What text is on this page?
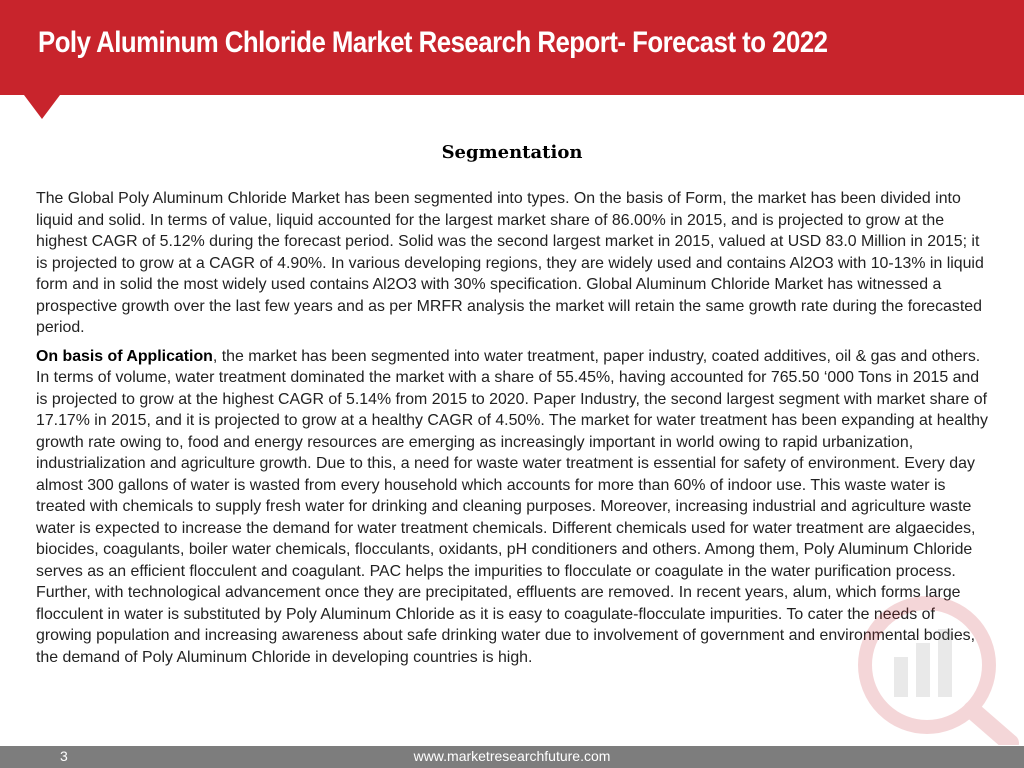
Poly Aluminum Chloride Market Research Report- Forecast to 2022
Segmentation

The Global Poly Aluminum Chloride Market has been segmented into types. On the basis of Form, the market has been divided into liquid and solid. In terms of value, liquid accounted for the largest market share of 86.00% in 2015, and is projected to grow at the highest CAGR of 5.12% during the forecast period. Solid was the second largest market in 2015, valued at USD 83.0 Million in 2015; it is projected to grow at a CAGR of 4.90%. In various developing regions, they are widely used and contains Al2O3 with 10-13% in liquid form and in solid the most widely used contains Al2O3 with 30% specification. Global Aluminum Chloride Market has witnessed a prospective growth over the last few years and as per MRFR analysis the market will retain the same growth rate during the forecasted period.

On basis of Application, the market has been segmented into water treatment, paper industry, coated additives, oil & gas and others. In terms of volume, water treatment dominated the market with a share of 55.45%, having accounted for 765.50 ‘000 Tons in 2015 and is projected to grow at the highest CAGR of 5.14% from 2015 to 2020. Paper Industry, the second largest segment with market share of 17.17% in 2015, and it is projected to grow at a healthy CAGR of 4.50%. The market for water treatment has been expanding at healthy growth rate owing to, food and energy resources are emerging as increasingly important in world owing to rapid urbanization, industrialization and agriculture growth. Due to this, a need for waste water treatment is essential for safety of environment. Every day almost 300 gallons of water is wasted from every household which accounts for more than 60% of indoor use. This waste water is treated with chemicals to supply fresh water for drinking and cleaning purposes. Moreover, increasing industrial and agriculture waste water is expected to increase the demand for water treatment chemicals. Different chemicals used for water treatment are algaecides, biocides, coagulants, boiler water chemicals, flocculants, oxidants, pH conditioners and others. Among them, Poly Aluminum Chloride serves as an efficient flocculent and coagulant. PAC helps the impurities to flocculate or coagulate in the water purification process. Further, with technological advancement once they are precipitated, effluents are removed. In recent years, alum, which forms large flocculent in water is substituted by Poly Aluminum Chloride as it is easy to coagulate-flocculate impurities. To cater the needs of growing population and increasing awareness about safe drinking water due to involvement of government and environmental bodies, the demand of Poly Aluminum Chloride in developing countries is high.

www.marketresearchfuture.com
3
